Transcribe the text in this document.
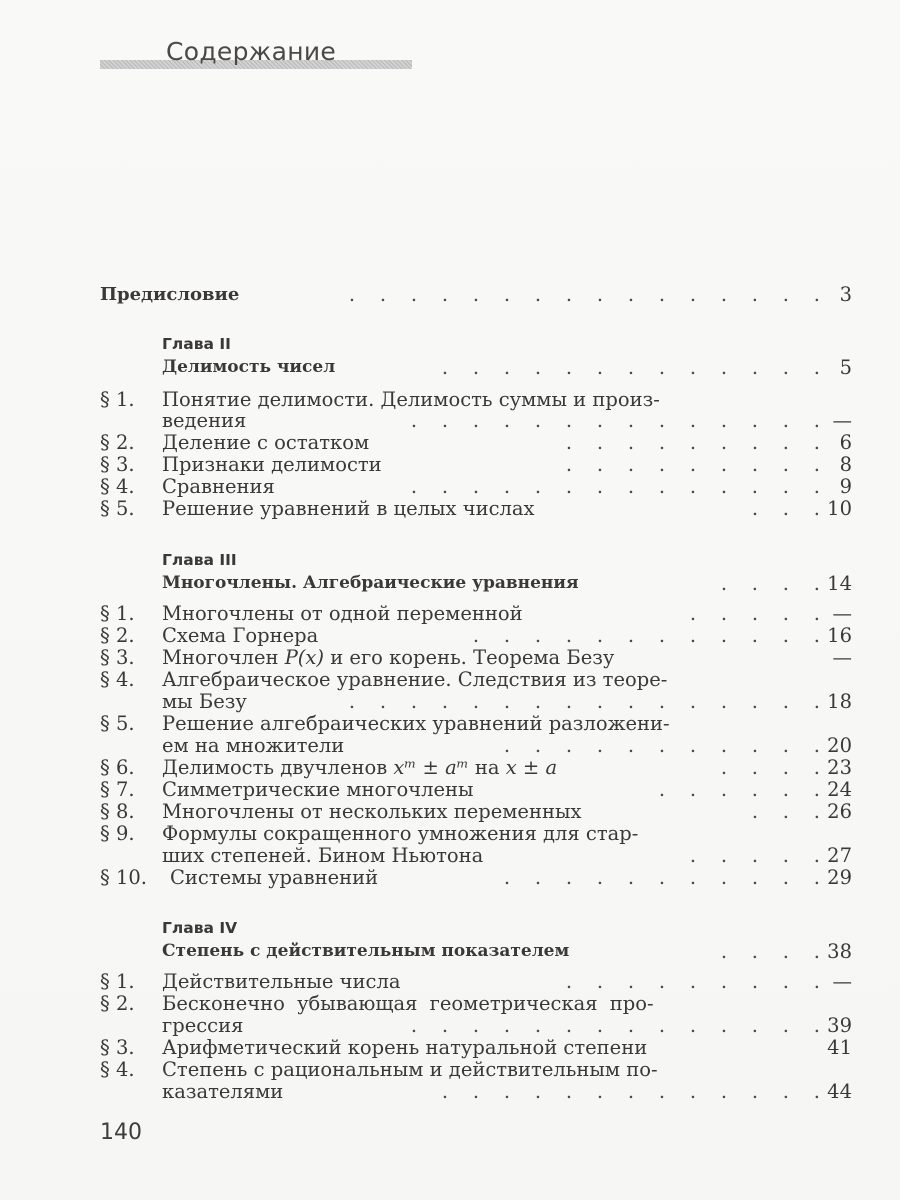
Содержание
Предисловие	.    .    .    .    .    .    .    .    .    .    .    .    .    .    .    . 3
Глава II
Делимость чисел	.    .    .    .    .    .    .    .    .    .    .    .    . 5
§ 1. Понятие делимости. Делимость суммы и произ-
ведения	.    .    .    .    .    .    .    .    .    .    .    .    .    . —
§ 2. Деление с остатком	.    .    .    .    .    .    .    .    . 6
§ 3. Признаки делимости	.    .    .    .    .    .    .    .    . 8
§ 4. Сравнения	.    .    .    .    .    .    .    .    .    .    .    .    .    . 9
§ 5. Решение уравнений в целых числах	.    .    . 10
Глава III
Многочлены. Алгебраические уравнения	.    .    .    . 14
§ 1. Многочлены от одной переменной	.    .    .    .    . —
§ 2. Схема Горнера	.    .    .    .    .    .    .    .    .    .    .    . 16
§ 3. Многочлен P(x) и его корень. Теорема Безу	—
§ 4. Алгебраическое уравнение. Следствия из теоре-
мы Безу	.    .    .    .    .    .    .    .    .    .    .    .    .    .    .    . 18
§ 5. Решение алгебраических уравнений разложени-
ем на множители	.    .    .    .    .    .    .    .    .    .    . 20
§ 6. Делимость двучленов xᵐ ± aᵐ на x ± a	.    .    .    . 23
§ 7. Симметрические многочлены	.    .    .    .    .    . 24
§ 8. Многочлены от нескольких переменных	.    .    . 26
§ 9. Формулы сокращенного умножения для стар-
ших степеней. Бином Ньютона	.    .    .    .    . 27
§ 10. Системы уравнений	.    .    .    .    .    .    .    .    .    .    . 29
Глава IV
Степень с действительным показателем	.    .    .    . 38
§ 1. Действительные числа	.    .    .    .    .    .    .    .    . —
§ 2. Бесконечно убывающая геометрическая про-
грессия	.    .    .    .    .    .    .    .    .    .    .    .    .    . 39
§ 3. Арифметический корень натуральной степени	41
§ 4. Степень с рациональным и действительным по-
казателями	.    .    .    .    .    .    .    .    .    .    .    .    . 44
140
